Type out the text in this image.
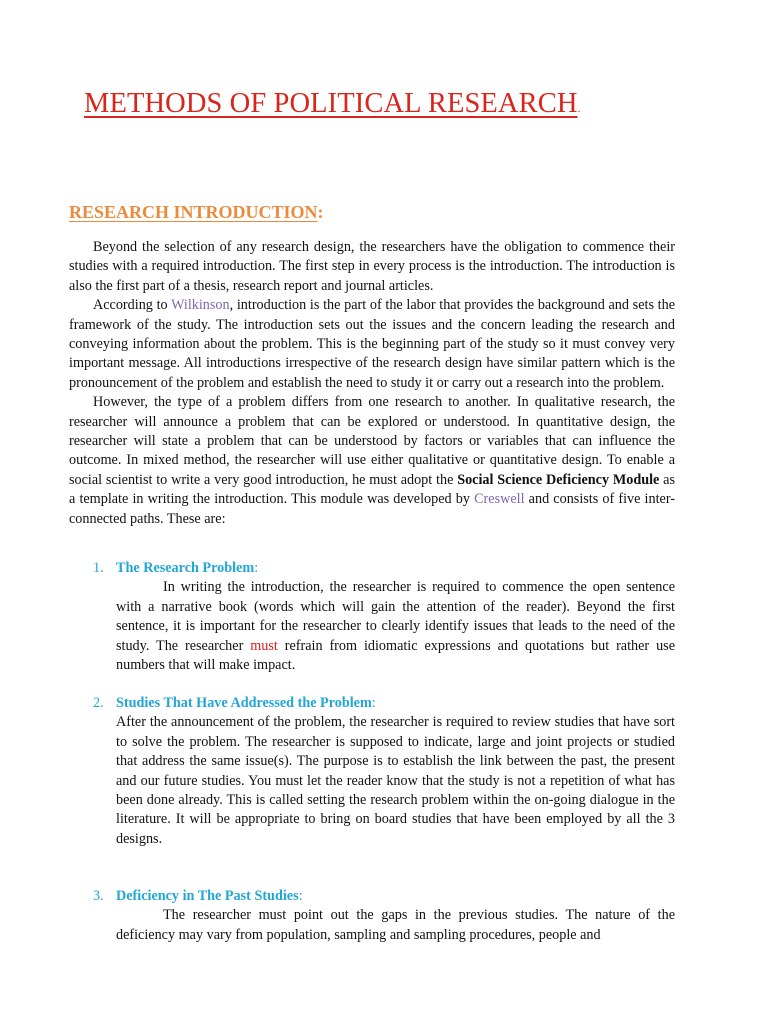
METHODS OF POLITICAL RESEARCH.
RESEARCH INTRODUCTION:

Beyond the selection of any research design, the researchers have the obligation to commence their studies with a required introduction. The first step in every process is the introduction. The introduction is also the first part of a thesis, research report and journal articles.

According to Wilkinson, introduction is the part of the labor that provides the background and sets the framework of the study. The introduction sets out the issues and the concern leading the research and conveying information about the problem. This is the beginning part of the study so it must convey very important message. All introductions irrespective of the research design have similar pattern which is the pronouncement of the problem and establish the need to study it or carry out a research into the problem.

However, the type of a problem differs from one research to another. In qualitative research, the researcher will announce a problem that can be explored or understood. In quantitative design, the researcher will state a problem that can be understood by factors or variables that can influence the outcome. In mixed method, the researcher will use either qualitative or quantitative design. To enable a social scientist to write a very good introduction, he must adopt the Social Science Deficiency Module as a template in writing the introduction. This module was developed by Creswell and consists of five inter-connected paths. These are:

1. The Research Problem:

In writing the introduction, the researcher is required to commence the open sentence with a narrative book (words which will gain the attention of the reader). Beyond the first sentence, it is important for the researcher to clearly identify issues that leads to the need of the study. The researcher must refrain from idiomatic expressions and quotations but rather use numbers that will make impact.

2. Studies That Have Addressed the Problem:

After the announcement of the problem, the researcher is required to review studies that have sort to solve the problem. The researcher is supposed to indicate, large and joint projects or studied that address the same issue(s). The purpose is to establish the link between the past, the present and our future studies. You must let the reader know that the study is not a repetition of what has been done already. This is called setting the research problem within the on-going dialogue in the literature. It will be appropriate to bring on board studies that have been employed by all the 3 designs.

3. Deficiency in The Past Studies:

The researcher must point out the gaps in the previous studies. The nature of the deficiency may vary from population, sampling and sampling procedures, people and
